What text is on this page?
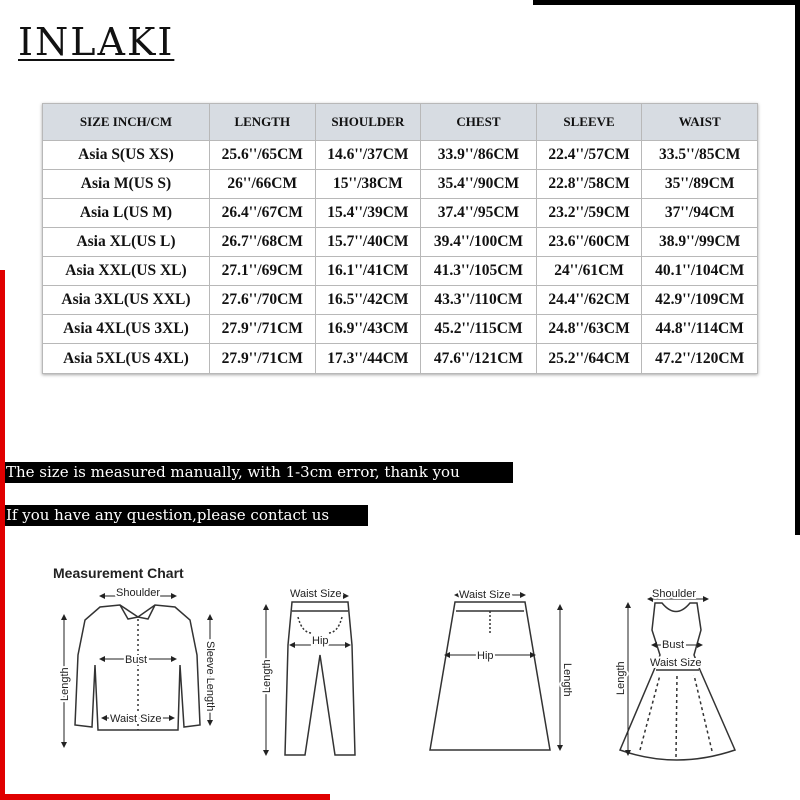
INLAKI
SIZE INCH/CM	LENGTH	SHOULDER	CHEST	SLEEVE	WAIST
Asia S(US XS)	25.6''/65CM	14.6''/37CM	33.9''/86CM	22.4''/57CM	33.5''/85CM
Asia M(US S)	26''/66CM	15''/38CM	35.4''/90CM	22.8''/58CM	35''/89CM
Asia L(US M)	26.4''/67CM	15.4''/39CM	37.4''/95CM	23.2''/59CM	37''/94CM
Asia XL(US L)	26.7''/68CM	15.7''/40CM	39.4''/100CM	23.6''/60CM	38.9''/99CM
Asia XXL(US XL)	27.1''/69CM	16.1''/41CM	41.3''/105CM	24''/61CM	40.1''/104CM
Asia 3XL(US XXL)	27.6''/70CM	16.5''/42CM	43.3''/110CM	24.4''/62CM	42.9''/109CM
Asia 4XL(US 3XL)	27.9''/71CM	16.9''/43CM	45.2''/115CM	24.8''/63CM	44.8''/114CM
Asia 5XL(US 4XL)	27.9''/71CM	17.3''/44CM	47.6''/121CM	25.2''/64CM	47.2''/120CM
The size is measured manually, with 1-3cm error, thank you
If you have any question,please contact us
Measurement Chart
Shoulder
Bust
Waist Size
Length	Sleeve Length
Waist Size
Hip
Length
Waist Size
Hip
Length
Shoulder
Bust
Waist Size
Length
